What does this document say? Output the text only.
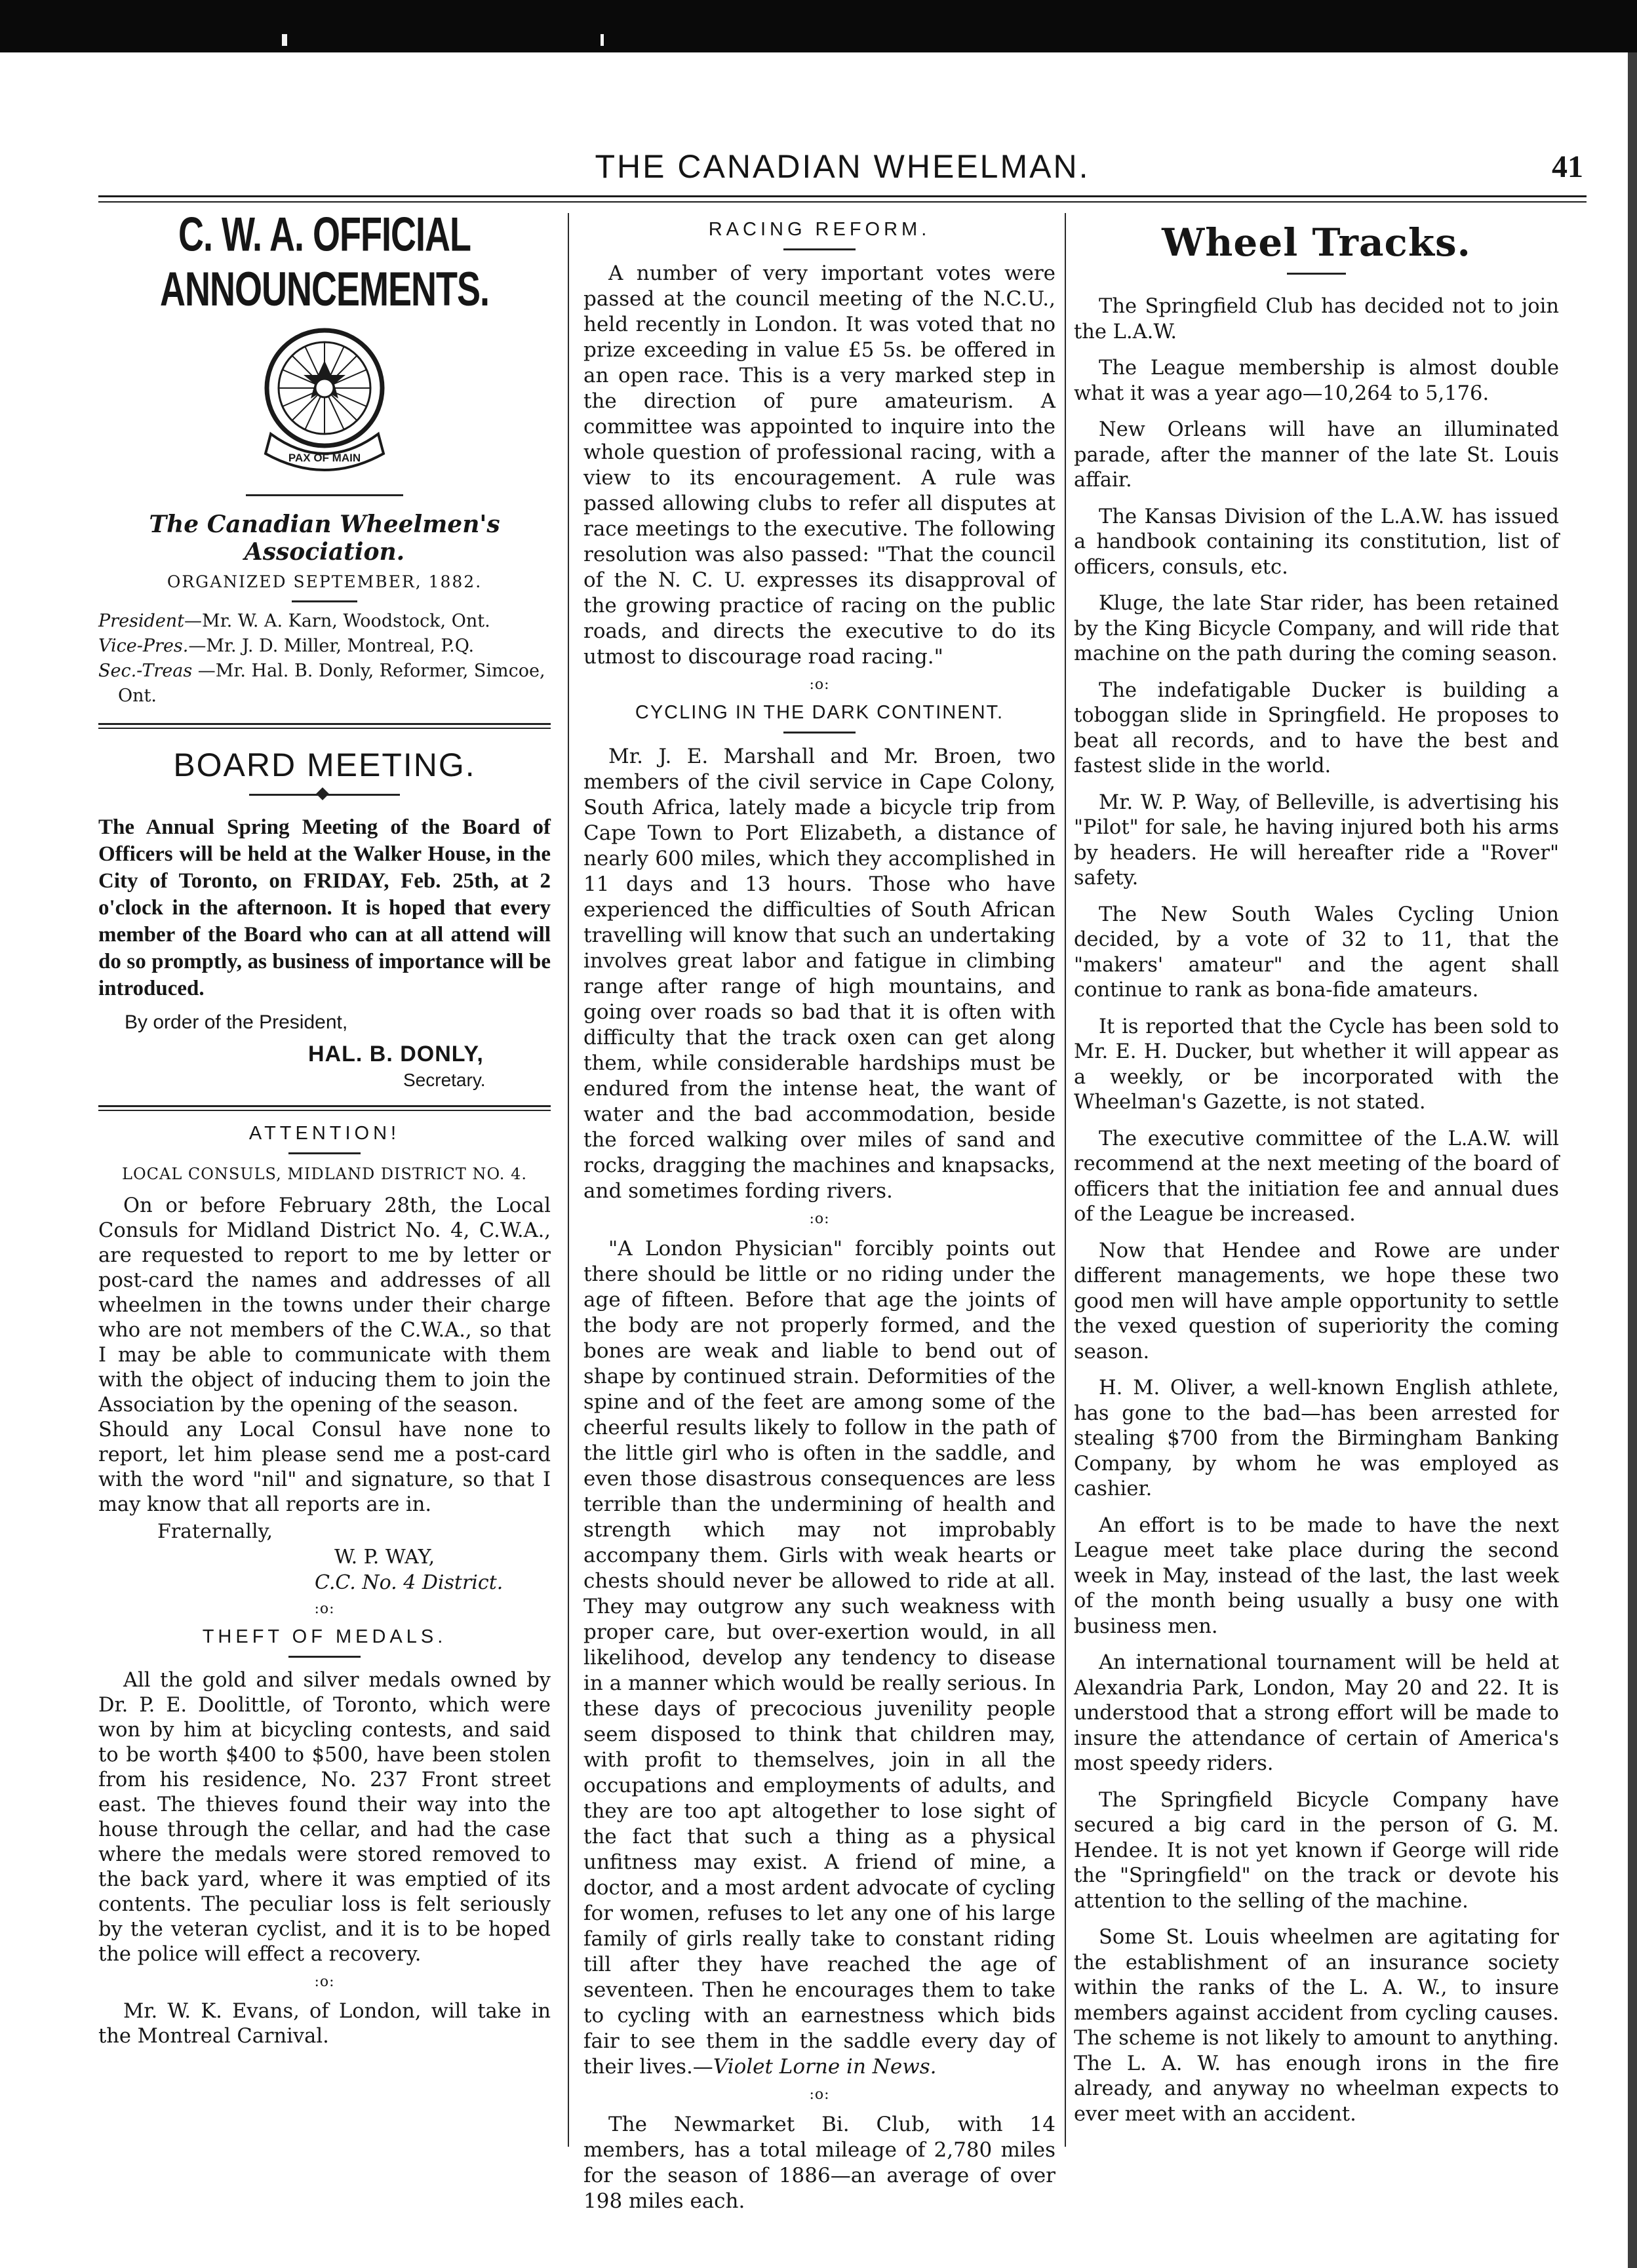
THE CANADIAN WHEELMAN.	41
C. W. A. OFFICIAL ANNOUNCEMENTS.
PAX OF MAIN
The Canadian Wheelmen's Association.
ORGANIZED SEPTEMBER, 1882.
President—Mr. W. A. Karn, Woodstock, Ont.
Vice-Pres.—Mr. J. D. Miller, Montreal, P.Q.
Sec.-Treas —Mr. Hal. B. Donly, Reformer, Simcoe, Ont.
BOARD MEETING.

The Annual Spring Meeting of the Board of Officers will be held at the Walker House, in the City of Toronto, on FRIDAY, Feb. 25th, at 2 o'clock in the afternoon. It is hoped that every member of the Board who can at all attend will do so promptly, as business of importance will be introduced.

By order of the President,
HAL. B. DONLY,
Secretary.
ATTENTION!
LOCAL CONSULS, MIDLAND DISTRICT NO. 4.

On or before February 28th, the Local Consuls for Midland District No. 4, C.W.A., are requested to report to me by letter or post-card the names and addresses of all wheelmen in the towns under their charge who are not members of the C.W.A., so that I may be able to communicate with them with the object of inducing them to join the Association by the opening of the season.

Should any Local Consul have none to report, let him please send me a post-card with the word "nil" and signature, so that I may know that all reports are in.

Fraternally,
W. P. WAY,
C.C. No. 4 District.
:o:
THEFT OF MEDALS.

All the gold and silver medals owned by Dr. P. E. Doolittle, of Toronto, which were won by him at bicycling contests, and said to be worth $400 to $500, have been stolen from his residence, No. 237 Front street east. The thieves found their way into the house through the cellar, and had the case where the medals were stored removed to the back yard, where it was emptied of its contents. The peculiar loss is felt seriously by the veteran cyclist, and it is to be hoped the police will effect a recovery.

:o:

Mr. W. K. Evans, of London, will take in the Montreal Carnival.

RACING REFORM.

A number of very important votes were passed at the council meeting of the N.C.U., held recently in London. It was voted that no prize exceeding in value £5 5s. be offered in an open race. This is a very marked step in the direction of pure amateurism. A committee was appointed to inquire into the whole question of professional racing, with a view to its encouragement. A rule was passed allowing clubs to refer all disputes at race meetings to the executive. The following resolution was also passed: "That the council of the N. C. U. expresses its disapproval of the growing practice of racing on the public roads, and directs the executive to do its utmost to discourage road racing."

:o:
CYCLING IN THE DARK CONTINENT.

Mr. J. E. Marshall and Mr. Broen, two members of the civil service in Cape Colony, South Africa, lately made a bicycle trip from Cape Town to Port Elizabeth, a distance of nearly 600 miles, which they accomplished in 11 days and 13 hours. Those who have experienced the difficulties of South African travelling will know that such an undertaking involves great labor and fatigue in climbing range after range of high mountains, and going over roads so bad that it is often with difficulty that the track oxen can get along them, while considerable hardships must be endured from the intense heat, the want of water and the bad accommodation, beside the forced walking over miles of sand and rocks, dragging the machines and knapsacks, and sometimes fording rivers.

:o:

"A London Physician" forcibly points out there should be little or no riding under the age of fifteen. Before that age the joints of the body are not properly formed, and the bones are weak and liable to bend out of shape by continued strain. Deformities of the spine and of the feet are among some of the cheerful results likely to follow in the path of the little girl who is often in the saddle, and even those disastrous consequences are less terrible than the undermining of health and strength which may not improbably accompany them. Girls with weak hearts or chests should never be allowed to ride at all. They may outgrow any such weakness with proper care, but over-exertion would, in all likelihood, develop any tendency to disease in a manner which would be really serious. In these days of precocious juvenility people seem disposed to think that children may, with profit to themselves, join in all the occupations and employments of adults, and they are too apt altogether to lose sight of the fact that such a thing as a physical unfitness may exist. A friend of mine, a doctor, and a most ardent advocate of cycling for women, refuses to let any one of his large family of girls really take to constant riding till after they have reached the age of seventeen. Then he encourages them to take to cycling with an earnestness which bids fair to see them in the saddle every day of their lives.—Violet Lorne in News.

:o:

The Newmarket Bi. Club, with 14 members, has a total mileage of 2,780 miles for the season of 1886—an average of over 198 miles each.

Wheel Tracks.

The Springfield Club has decided not to join the L.A.W.

The League membership is almost double what it was a year ago—10,264 to 5,176.

New Orleans will have an illuminated parade, after the manner of the late St. Louis affair.

The Kansas Division of the L.A.W. has issued a handbook containing its constitution, list of officers, consuls, etc.

Kluge, the late Star rider, has been retained by the King Bicycle Company, and will ride that machine on the path during the coming season.

The indefatigable Ducker is building a toboggan slide in Springfield. He proposes to beat all records, and to have the best and fastest slide in the world.

Mr. W. P. Way, of Belleville, is advertising his "Pilot" for sale, he having injured both his arms by headers. He will hereafter ride a "Rover" safety.

The New South Wales Cycling Union decided, by a vote of 32 to 11, that the "makers' amateur" and the agent shall continue to rank as bona-fide amateurs.

It is reported that the Cycle has been sold to Mr. E. H. Ducker, but whether it will appear as a weekly, or be incorporated with the Wheelman's Gazette, is not stated.

The executive committee of the L.A.W. will recommend at the next meeting of the board of officers that the initiation fee and annual dues of the League be increased.

Now that Hendee and Rowe are under different managements, we hope these two good men will have ample opportunity to settle the vexed question of superiority the coming season.

H. M. Oliver, a well-known English athlete, has gone to the bad—has been arrested for stealing $700 from the Birmingham Banking Company, by whom he was employed as cashier.

An effort is to be made to have the next League meet take place during the second week in May, instead of the last, the last week of the month being usually a busy one with business men.

An international tournament will be held at Alexandria Park, London, May 20 and 22. It is understood that a strong effort will be made to insure the attendance of certain of America's most speedy riders.

The Springfield Bicycle Company have secured a big card in the person of G. M. Hendee. It is not yet known if George will ride the "Springfield" on the track or devote his attention to the selling of the machine.

Some St. Louis wheelmen are agitating for the establishment of an insurance society within the ranks of the L. A. W., to insure members against accident from cycling causes. The scheme is not likely to amount to anything. The L. A. W. has enough irons in the fire already, and anyway no wheelman expects to ever meet with an accident.
